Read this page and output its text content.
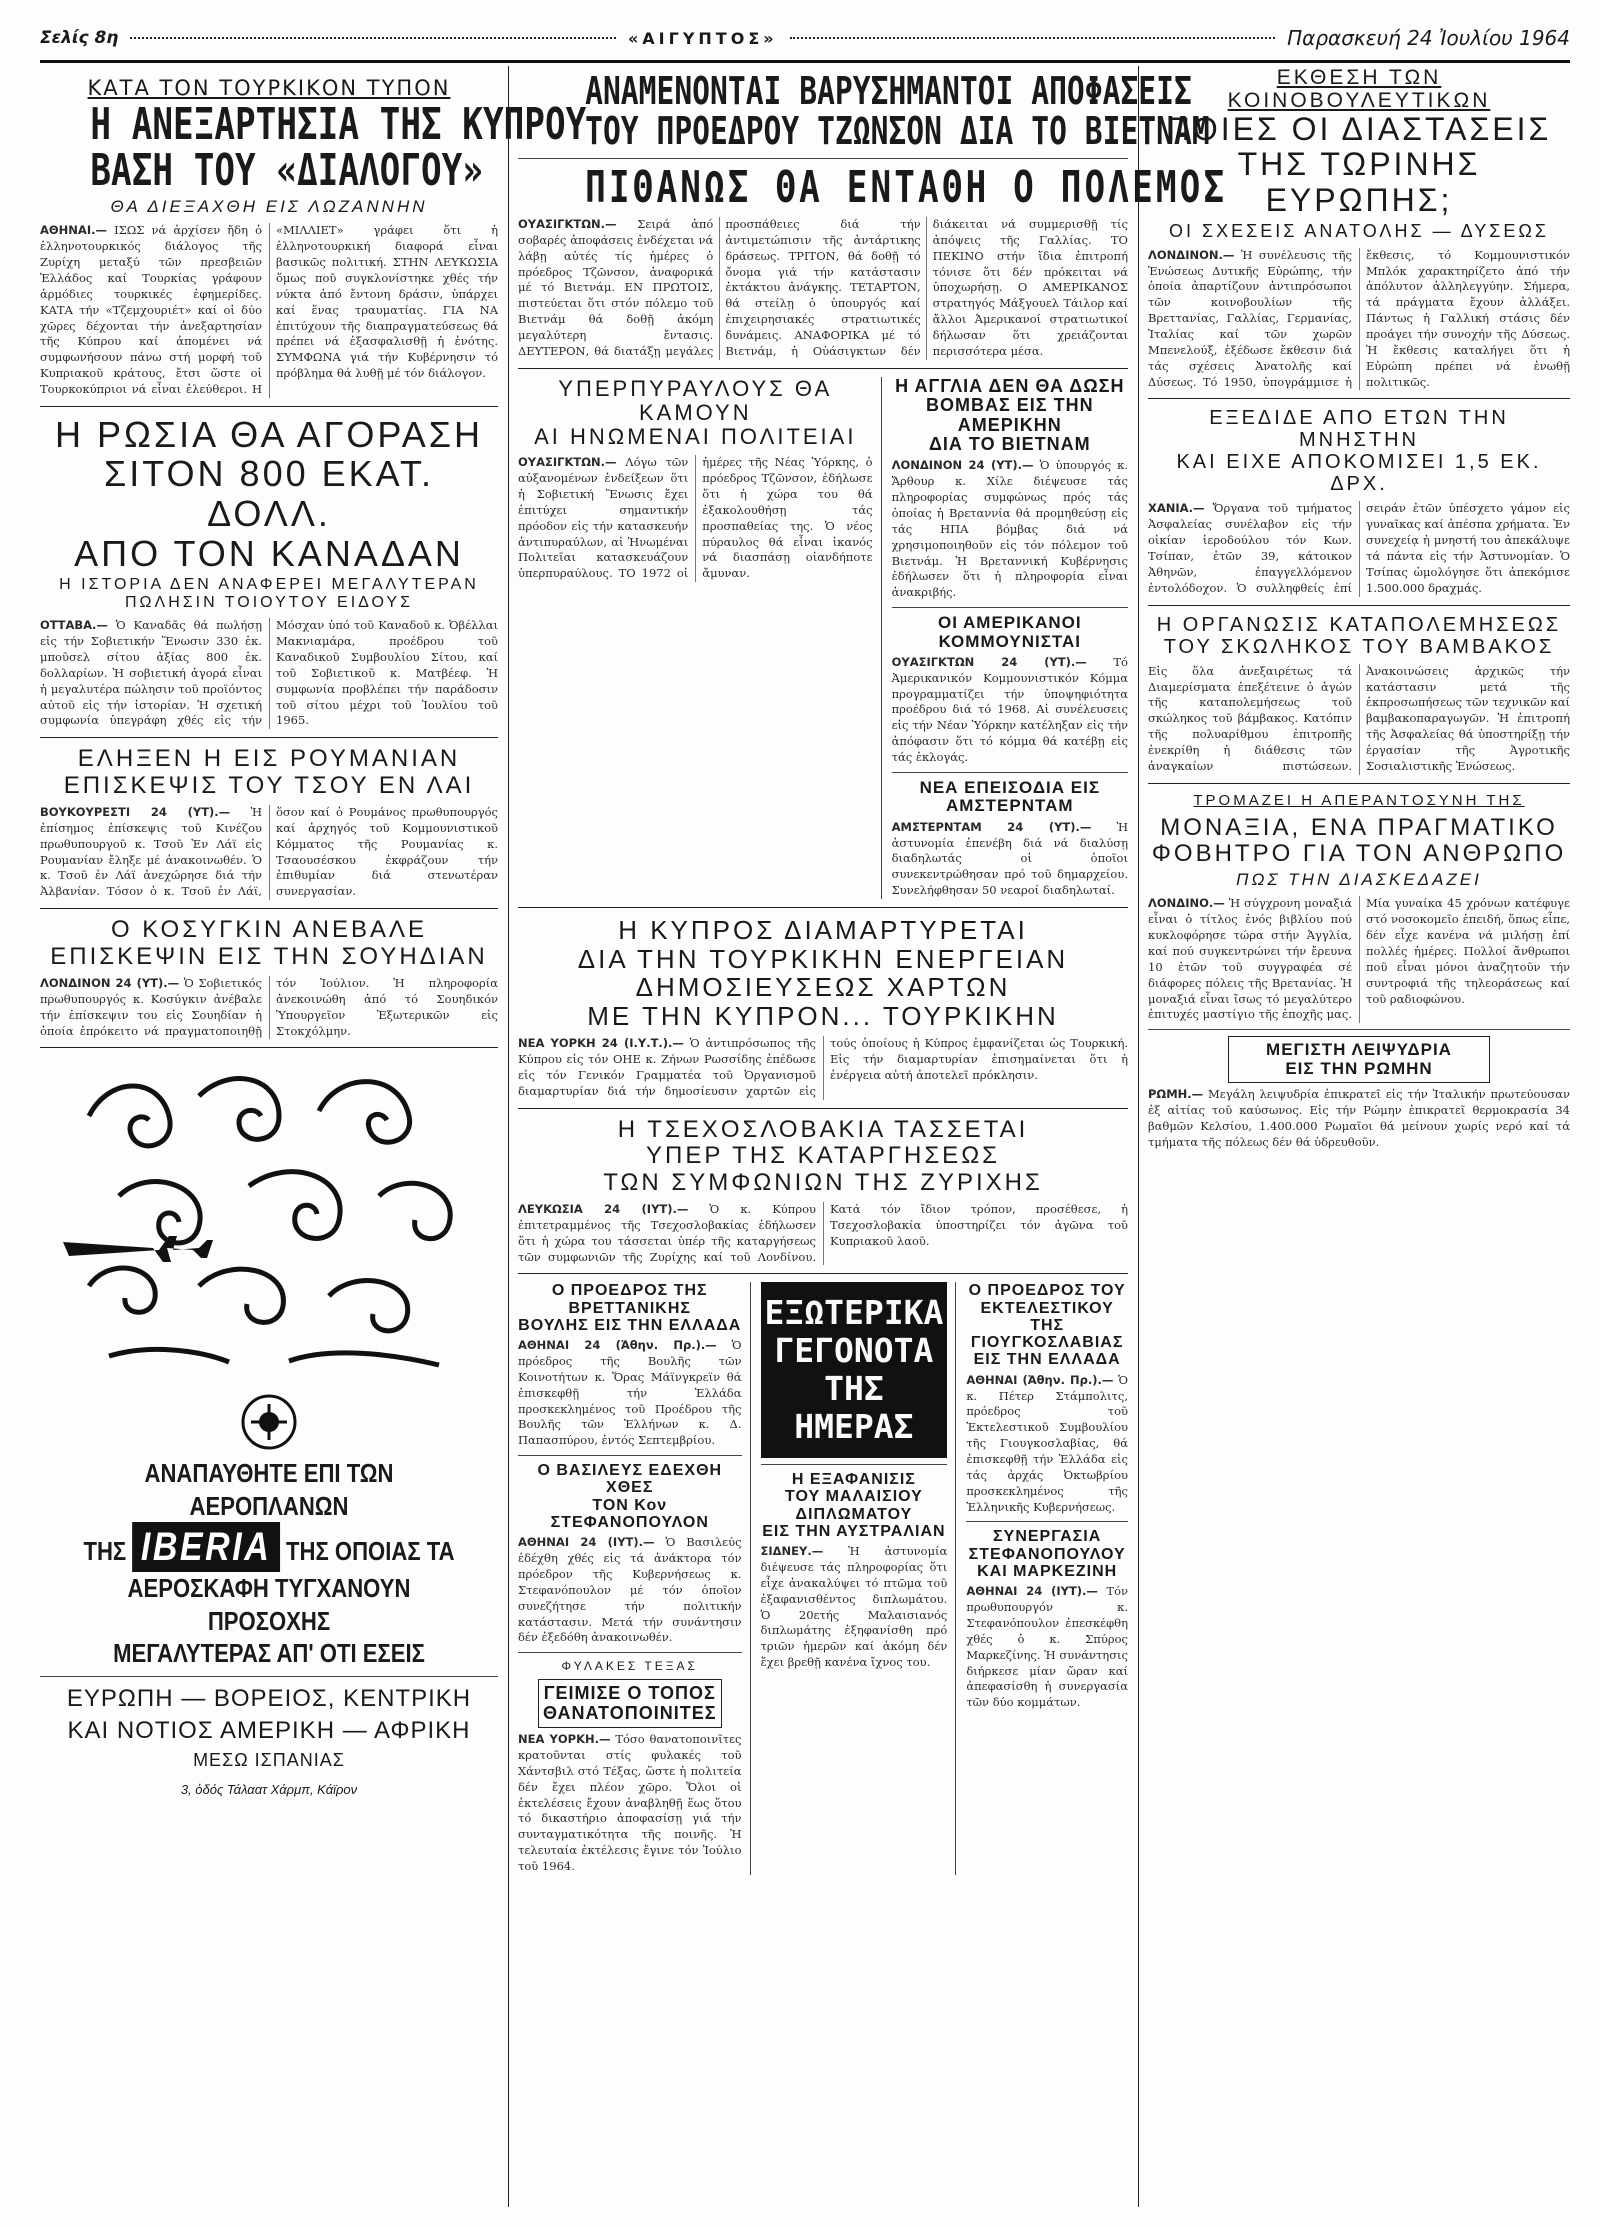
Σελίς 8η	«ΑΙΓΥΠΤΟΣ»	Παρασκευή 24 Ἰουλίου 1964
ΚΑΤΑ ΤΟΝ ΤΟΥΡΚΙΚΟΝ ΤΥΠΟΝ
Η ΑΝΕΞΑΡΤΗΣΙΑ ΤΗΣ ΚΥΠΡΟΥ
ΒΑΣΗ ΤΟΥ «ΔΙΑΛΟΓΟΥ»
ΘΑ ΔΙΕΞΑΧΘΗ ΕΙΣ ΛΩΖΑΝΝΗΝ
ΑΘΗΝΑΙ.— ΙΣΩΣ νά ἀρχίσεν ἤδη ὁ ἑλληνοτουρκικός διάλογος τῆς Ζυρίχη μεταξύ τῶν πρεσβειῶν Ἑλλάδος καί Τουρκίας γράφουν ἁρμόδιες τουρκικές ἐφημερίδες. ΚΑΤΑ τήν «Τζεμχουριέτ» καί οἱ δύο χῶρες δέχονται τήν ἀνεξαρτησίαν τῆς Κύπρου καί ἀπομένει νά συμφωνήσουν πάνω στή μορφή τοῦ Κυπριακοῦ κράτους, ἔτσι ὥστε οἱ Τουρκοκύπριοι νά εἶναι ἐλεύθεροι. Η «ΜΙΛΛΙΕΤ» γράφει ὅτι ἡ ἑλληνοτουρκική διαφορά εἶναι βασικῶς πολιτική. ΣΤΗΝ ΛΕΥΚΩΣΙΑ ὅμως ποῦ συγκλονίστηκε χθές τήν νύκτα ἀπό ἔντονη δράσιν, ὑπάρχει καί ἕνας τραυματίας. ΓΙΑ ΝΑ ἐπιτύχουν τῆς διαπραγματεύσεως θά πρέπει νά ἐξασφαλισθῇ ἡ ἑνότης. ΣΥΜΦΩΝΑ γιά τήν Κυβέρνησιν τό πρόβλημα θά λυθῇ μέ τόν διάλογον.
Η ΡΩΣΙΑ ΘΑ ΑΓΟΡΑΣΗ
ΣΙΤΟΝ 800 ΕΚΑΤ. ΔΟΛΛ.
ΑΠΟ ΤΟΝ ΚΑΝΑΔΑΝ
Η ΙΣΤΟΡΙΑ ΔΕΝ ΑΝΑΦΕΡΕΙ ΜΕΓΑΛΥΤΕΡΑΝ ΠΩΛΗΣΙΝ ΤΟΙΟΥΤΟΥ ΕΙΔΟΥΣ
ΟΤΤΑΒΑ.— Ὁ Καναδᾶς θά πωλήσῃ εἰς τήν Σοβιετικήν Ἕνωσιν 330 ἑκ. μποῦσελ σίτου ἀξίας 800 ἑκ. δολλαρίων. Ἡ σοβιετική ἀγορά εἶναι ἡ μεγαλυτέρα πώλησιν τοῦ προϊόντος αὐτοῦ εἰς τήν ἱστορίαν. Ἡ σχετική συμφωνία ὑπεγράφη χθές εἰς τήν Μόσχαν ὑπό τοῦ Καναδοῦ κ. Ὀβέλλαι Μακνιαμάρα, προέδρου τοῦ Καναδικοῦ Συμβουλίου Σίτου, καί τοῦ Σοβιετικοῦ κ. Ματβέεφ. Ἡ συμφωνία προβλέπει τήν παράδοσιν τοῦ σίτου μέχρι τοῦ Ἰουλίου τοῦ 1965.
ΕΛΗΞΕΝ Η ΕΙΣ ΡΟΥΜΑΝΙΑΝ
ΕΠΙΣΚΕΨΙΣ ΤΟΥ ΤΣΟΥ ΕΝ ΛΑΙ
ΒΟΥΚΟΥΡΕΣΤΙ 24 (ΥΤ).— Ἡ ἐπίσημος ἐπίσκεψις τοῦ Κινέζου πρωθυπουργοῦ κ. Τσοῦ Ἐν Λάϊ εἰς Ρουμανίαν ἔληξε μέ ἀνακοινωθέν. Ὁ κ. Τσοῦ ἐν Λάϊ ἀνεχώρησε διά τήν Ἀλβανίαν. Τόσον ὁ κ. Τσοῦ ἐν Λάϊ, ὅσον καί ὁ Ρουμάνος πρωθυπουργός καί ἀρχηγός τοῦ Κομμουνιστικοῦ Κόμματος τῆς Ρουμανίας κ. Τσαουσέσκου ἐκφράζουν τήν ἐπιθυμίαν διά στενωτέραν συνεργασίαν.
Ο ΚΟΣΥΓΚΙΝ ΑΝΕΒΑΛΕ
ΕΠΙΣΚΕΨΙΝ ΕΙΣ ΤΗΝ ΣΟΥΗΔΙΑΝ
ΛΟΝΔΙΝΟΝ 24 (ΥΤ).— Ὁ Σοβιετικός πρωθυπουργός κ. Κοσύγκιν ἀνέβαλε τήν ἐπίσκεψιν του εἰς Σουηδίαν ἡ ὁποία ἐπρόκειτο νά πραγματοποιηθῇ τόν Ἰούλιον. Ἡ πληροφορία ἀνεκοινώθη ἀπό τό Σουηδικόν Ὑπουργεῖον Ἐξωτερικῶν εἰς Στοκχόλμην.
ΑΝΑΠΑΥΘΗΤΕ ΕΠΙ ΤΩΝ ΑΕΡΟΠΛΑΝΩΝ
ΤΗΣ IBERIA ΤΗΣ ΟΠΟΙΑΣ ΤΑ
ΑΕΡΟΣΚΑΦΗ ΤΥΓΧΑΝΟΥΝ ΠΡΟΣΟΧΗΣ
ΜΕΓΑΛΥΤΕΡΑΣ ΑΠ' ΟΤΙ ΕΣΕΙΣ
ΕΥΡΩΠΗ — ΒΟΡΕΙΟΣ, ΚΕΝΤΡΙΚΗ
ΚΑΙ ΝΟΤΙΟΣ ΑΜΕΡΙΚΗ — ΑΦΡΙΚΗ
ΜΕΣΩ ΙΣΠΑΝΙΑΣ
3, ὁδός Τάλαατ Χάρμπ, Κάϊρον
ΑΝΑΜΕΝΟΝΤΑΙ ΒΑΡΥΣΗΜΑΝΤΟΙ ΑΠΟΦΑΣΕΙΣ
ΤΟΥ ΠΡΟΕΔΡΟΥ ΤΖΩΝΣΟΝ ΔΙΑ ΤΟ ΒΙΕΤΝΑΜ
ΠΙΘΑΝΩΣ ΘΑ ΕΝΤΑΘΗ Ο ΠΟΛΕΜΟΣ
ΟΥΑΣΙΓΚΤΩΝ.— Σειρά ἀπό σοβαρές ἀποφάσεις ἐνδέχεται νά λάβῃ αὐτές τίς ἡμέρες ὁ πρόεδρος Τζῶνσον, ἀναφορικά μέ τό Βιετνάμ. ΕΝ ΠΡΩΤΟΙΣ, πιστεύεται ὅτι στόν πόλεμο τοῦ Βιετνάμ θά δοθῇ ἀκόμη μεγαλύτερη ἔντασις. ΔΕΥΤΕΡΟΝ, θά διατάξῃ μεγάλες προσπάθειες διά τήν ἀντιμετώπισιν τῆς ἀντάρτικης δράσεως. ΤΡΙΤΟΝ, θά δοθῇ τό ὄνομα γιά τήν κατάστασιν ἐκτάκτου ἀνάγκης. ΤΕΤΑΡΤΟΝ, θά στείλῃ ὁ ὑπουργός καί ἐπιχειρησιακές στρατιωτικές δυνάμεις. ΑΝΑΦΟΡΙΚΑ μέ τό Βιετνάμ, ἡ Οὐάσιγκτων δέν διάκειται νά συμμερισθῇ τίς ἀπόψεις τῆς Γαλλίας. ΤΟ ΠΕΚΙΝΟ στήν ἴδια ἐπιτροπή τόνισε ὅτι δέν πρόκειται νά ὑποχωρήσῃ. Ο ΑΜΕΡΙΚΑΝΟΣ στρατηγός Μάξγουελ Τάιλορ καί ἄλλοι Ἀμερικανοί στρατιωτικοί δήλωσαν ὅτι χρειάζονται περισσότερα μέσα.
ΥΠΕΡΠΥΡΑΥΛΟΥΣ ΘΑ ΚΑΜΟΥΝ
ΑΙ ΗΝΩΜΕΝΑΙ ΠΟΛΙΤΕΙΑΙ
ΟΥΑΣΙΓΚΤΩΝ.— Λόγω τῶν αὐξανομένων ἐνδείξεων ὅτι ἡ Σοβιετική Ἕνωσις ἔχει ἐπιτύχει σημαντικήν πρόοδον εἰς τήν κατασκευήν ἀντιπυραύλων, αἱ Ἡνωμέναι Πολιτεῖαι κατασκευάζουν ὑπερπυραύλους. ΤΟ 1972 οἱ ἡμέρες τῆς Νέας Ὑόρκης, ὁ πρόεδρος Τζῶνσον, ἐδήλωσε ὅτι ἡ χώρα του θά ἐξακολουθήσῃ τάς προσπαθείας της. Ὁ νέος πύραυλος θά εἶναι ἱκανός νά διασπάσῃ οἱανδήποτε ἄμυναν.
Η ΑΓΓΛΙΑ ΔΕΝ ΘΑ ΔΩΣΗ
ΒΟΜΒΑΣ ΕΙΣ ΤΗΝ ΑΜΕΡΙΚΗΝ
ΔΙΑ ΤΟ ΒΙΕΤΝΑΜ
ΛΟΝΔΙΝΟΝ 24 (ΥΤ).— Ὁ ὑπουργός κ. Ἄρθουρ κ. Χίλε διέψευσε τάς πληροφορίας συμφώνως πρός τάς ὁποίας ἡ Βρεταννία θά προμηθεύσῃ εἰς τάς ΗΠΑ βόμβας διά νά χρησιμοποιηθοῦν εἰς τόν πόλεμον τοῦ Βιετνάμ. Ἡ Βρεταννική Κυβέρνησις ἐδήλωσεν ὅτι ἡ πληροφορία εἶναι ἀνακριβής.
ΟΙ ΑΜΕΡΙΚΑΝΟΙ ΚΟΜΜΟΥΝΙΣΤΑΙ
ΟΥΑΣΙΓΚΤΩΝ 24 (ΥΤ).— Τό Ἀμερικανικόν Κομμουνιστικόν Κόμμα προγραμματίζει τήν ὑποψηφιότητα προέδρου διά τό 1968. Αἱ συνέλευσεις εἰς τήν Νέαν Ὑόρκην κατέληξαν εἰς τήν ἀπόφασιν ὅτι τό κόμμα θά κατέβῃ εἰς τάς ἐκλογάς.
ΝΕΑ ΕΠΕΙΣΟΔΙΑ ΕΙΣ ΑΜΣΤΕΡΝΤΑΜ
ΑΜΣΤΕΡΝΤΑΜ 24 (ΥΤ).— Ἡ ἀστυνομία ἐπενέβη διά νά διαλύσῃ διαδηλωτάς οἱ ὁποῖοι συνεκεντρώθησαν πρό τοῦ δημαρχείου. Συνελήφθησαν 50 νεαροί διαδηλωταί.
Η ΚΥΠΡΟΣ ΔΙΑΜΑΡΤΥΡΕΤΑΙ
ΔΙΑ ΤΗΝ ΤΟΥΡΚΙΚΗΝ ΕΝΕΡΓΕΙΑΝ
ΔΗΜΟΣΙΕΥΣΕΩΣ ΧΑΡΤΩΝ
ΜΕ ΤΗΝ ΚΥΠΡΟΝ... ΤΟΥΡΚΙΚΗΝ
ΝΕΑ ΥΟΡΚΗ 24 (Ι.Υ.Τ.).— Ὁ ἀντιπρόσωπος τῆς Κύπρου εἰς τόν ΟΗΕ κ. Ζήνων Ρωσσίδης ἐπέδωσε εἰς τόν Γενικόν Γραμματέα τοῦ Ὀργανισμοῦ διαμαρτυρίαν διά τήν δημοσίευσιν χαρτῶν εἰς τούς ὁποίους ἡ Κύπρος ἐμφανίζεται ὡς Τουρκική. Εἰς τήν διαμαρτυρίαν ἐπισημαίνεται ὅτι ἡ ἐνέργεια αὐτή ἀποτελεῖ πρόκλησιν.
Η ΤΣΕΧΟΣΛΟΒΑΚΙΑ ΤΑΣΣΕΤΑΙ
ΥΠΕΡ ΤΗΣ ΚΑΤΑΡΓΗΣΕΩΣ
ΤΩΝ ΣΥΜΦΩΝΙΩΝ ΤΗΣ ΖΥΡΙΧΗΣ
ΛΕΥΚΩΣΙΑ 24 (ΙΥΤ).— Ὁ κ. Κύπρου ἐπιτετραμμένος τῆς Τσεχοσλοβακίας ἐδήλωσεν ὅτι ἡ χώρα του τάσσεται ὑπέρ τῆς καταργήσεως τῶν συμφωνιῶν τῆς Ζυρίχης καί τοῦ Λονδίνου. Κατά τόν ἴδιον τρόπον, προσέθεσε, ἡ Τσεχοσλοβακία ὑποστηρίζει τόν ἀγῶνα τοῦ Κυπριακοῦ λαοῦ.
Ο ΠΡΟΕΔΡΟΣ ΤΗΣ ΒΡΕΤΤΑΝΙΚΗΣ
ΒΟΥΛΗΣ ΕΙΣ ΤΗΝ ΕΛΛΑΔΑ
ΑΘΗΝΑΙ 24 (Ἀθην. Πρ.).— Ὁ πρόεδρος τῆς Βουλῆς τῶν Κοινοτήτων κ. Ὅρας Μάϊνγκρεϊν θά ἐπισκεφθῇ τήν Ἑλλάδα προσκεκλημένος τοῦ Προέδρου τῆς Βουλῆς τῶν Ἑλλήνων κ. Δ. Παπασπύρου, ἐντός Σεπτεμβρίου.
Ο ΒΑΣΙΛΕΥΣ ΕΔΕΧΘΗ ΧΘΕΣ
ΤΟΝ Κον ΣΤΕΦΑΝΟΠΟΥΛΟΝ
ΑΘΗΝΑΙ 24 (ΙΥΤ).— Ὁ Βασιλεύς ἐδέχθη χθές εἰς τά ἀνάκτορα τόν πρόεδρον τῆς Κυβερνήσεως κ. Στεφανόπουλον μέ τόν ὁποῖον συνεζήτησε τήν πολιτικήν κατάστασιν. Μετά τήν συνάντησιν δέν ἐξεδόθη ἀνακοινωθέν.
ΦΥΛΑΚΕΣ ΤΕΞΑΣ
ΓΕΙΜΙΣΕ Ο ΤΟΠΟΣ
ΘΑΝΑΤΟΠΟΙΝΙΤΕΣ
ΝΕΑ ΥΟΡΚΗ.— Τόσο θανατοποινῖτες κρατοῦνται στίς φυλακές τοῦ Χάντσβιλ στό Τέξας, ὥστε ἡ πολιτεία δέν ἔχει πλέον χῶρο. Ὅλοι οἱ ἐκτελέσεις ἔχουν ἀναβληθῇ ἕως ὅτου τό δικαστήριο ἀποφασίσῃ γιά τήν συνταγματικότητα τῆς ποινῆς. Ἡ τελευταία ἐκτέλεσις ἔγινε τόν Ἰούλιο τοῦ 1964.
ΕΞΩΤΕΡΙΚΑ ΓΕΓΟΝΟΤΑ ΤΗΣ ΗΜΕΡΑΣ
Η ΕΞΑΦΑΝΙΣΙΣ
ΤΟΥ ΜΑΛΑΙΣΙΟΥ ΔΙΠΛΩΜΑΤΟΥ
ΕΙΣ ΤΗΝ ΑΥΣΤΡΑΛΙΑΝ
ΣΙΔΝΕΥ.— Ἡ ἀστυνομία διέψευσε τάς πληροφορίας ὅτι εἶχε ἀνακαλύψει τό πτῶμα τοῦ ἐξαφανισθέντος διπλωμάτου. Ὁ 20ετής Μαλαισιανός διπλωμάτης ἐξηφανίσθη πρό τριῶν ἡμερῶν καί ἀκόμη δέν ἔχει βρεθῇ κανένα ἴχνος του.
Ο ΠΡΟΕΔΡΟΣ ΤΟΥ ΕΚΤΕΛΕΣΤΙΚΟΥ
ΤΗΣ ΓΙΟΥΓΚΟΣΛΑΒΙΑΣ
ΕΙΣ ΤΗΝ ΕΛΛΑΔΑ
ΑΘΗΝΑΙ (Ἀθην. Πρ.).— Ὁ κ. Πέτερ Στάμπολιτς, πρόεδρος τοῦ Ἐκτελεστικοῦ Συμβουλίου τῆς Γιουγκοσλαβίας, θά ἐπισκεφθῇ τήν Ἑλλάδα εἰς τάς ἀρχάς Ὀκτωβρίου προσκεκλημένος τῆς Ἑλληνικῆς Κυβερνήσεως.
ΣΥΝΕΡΓΑΣΙΑ ΣΤΕΦΑΝΟΠΟΥΛΟΥ
ΚΑΙ ΜΑΡΚΕΖΙΝΗ
ΑΘΗΝΑΙ 24 (ΙΥΤ).— Τόν πρωθυπουργόν κ. Στεφανόπουλον ἐπεσκέφθη χθές ὁ κ. Σπύρος Μαρκεζίνης. Ἡ συνάντησις διήρκεσε μίαν ὥραν καί ἀπεφασίσθη ἡ συνεργασία τῶν δύο κομμάτων.
ΕΚΘΕΣΗ ΤΩΝ ΚΟΙΝΟΒΟΥΛΕΥΤΙΚΩΝ
ΠΟΙΕΣ ΟΙ ΔΙΑΣΤΑΣΕΙΣ
ΤΗΣ ΤΩΡΙΝΗΣ ΕΥΡΩΠΗΣ;
ΟΙ ΣΧΕΣΕΙΣ ΑΝΑΤΟΛΗΣ — ΔΥΣΕΩΣ
ΛΟΝΔΙΝΟΝ.— Ἡ συνέλευσις τῆς Ἑνώσεως Δυτικῆς Εὐρώπης, τήν ὁποία ἀπαρτίζουν ἀντιπρόσωποι τῶν κοινοβουλίων τῆς Βρεττανίας, Γαλλίας, Γερμανίας, Ἰταλίας καί τῶν χωρῶν Μπενελούξ, ἐξέδωσε ἔκθεσιν διά τάς σχέσεις Ἀνατολῆς καί Δύσεως. Τό 1950, ὑπογράμμισε ἡ ἔκθεσις, τό Κομμουνιστικόν Μπλόκ χαρακτηρίζετο ἀπό τήν ἀπόλυτον ἀλληλεγγύην. Σήμερα, τά πράγματα ἔχουν ἀλλάξει. Πάντως ἡ Γαλλική στάσις δέν προάγει τήν συνοχήν τῆς Δύσεως. Ἡ ἔκθεσις καταλήγει ὅτι ἡ Εὐρώπη πρέπει νά ἐνωθῇ πολιτικῶς.
ΕΞΕΔΙΔΕ ΑΠΟ ΕΤΩΝ ΤΗΝ ΜΝΗΣΤΗΝ
ΚΑΙ ΕΙΧΕ ΑΠΟΚΟΜΙΣΕΙ 1,5 ΕΚ. ΔΡΧ.
ΧΑΝΙΑ.— Ὄργανα τοῦ τμήματος Ἀσφαλείας συνέλαβον εἰς τήν οἰκίαν ἱεροδούλου τόν Κων. Τσίπαν, ἐτῶν 39, κάτοικον Ἀθηνῶν, ἐπαγγελλόμενον ἐντολόδοχον. Ὁ συλληφθείς ἐπί σειράν ἐτῶν ὑπέσχετο γάμον εἰς γυναῖκας καί ἀπέσπα χρήματα. Ἐν συνεχείᾳ ἡ μνηστή του ἀπεκάλυψε τά πάντα εἰς τήν Ἀστυνομίαν. Ὁ Τσίπας ὡμολόγησε ὅτι ἀπεκόμισε 1.500.000 δραχμάς.
Η ΟΡΓΑΝΩΣΙΣ ΚΑΤΑΠΟΛΕΜΗΣΕΩΣ
ΤΟΥ ΣΚΩΛΗΚΟΣ ΤΟΥ ΒΑΜΒΑΚΟΣ
Εἰς ὅλα ἀνεξαιρέτως τά Διαμερίσματα ἐπεξέτεινε ὁ ἀγών τῆς καταπολεμήσεως τοῦ σκώληκος τοῦ βάμβακος. Κατόπιν τῆς πολυαρίθμου ἐπιτροπῆς ἐνεκρίθη ἡ διάθεσις τῶν ἀναγκαίων πιστώσεων. Ἀνακοινώσεις ἀρχικῶς τήν κατάστασιν μετά τῆς ἐκπροσωπήσεως τῶν τεχνικῶν καί βαμβακοπαραγωγῶν. Ἡ ἐπιτροπή τῆς Ἀσφαλείας θά ὑποστηρίξῃ τήν ἐργασίαν τῆς Ἀγροτικῆς Σοσιαλιστικῆς Ἑνώσεως.
ΤΡΟΜΑΖΕΙ Η ΑΠΕΡΑΝΤΟΣΥΝΗ ΤΗΣ
ΜΟΝΑΞΙΑ, ΕΝΑ ΠΡΑΓΜΑΤΙΚΟ
ΦΟΒΗΤΡΟ ΓΙΑ ΤΟΝ ΑΝΘΡΩΠΟ
ΠΩΣ ΤΗΝ ΔΙΑΣΚΕΔΑΖΕΙ
ΛΟΝΔΙΝΟ.— Ἡ σύγχρονη μοναξιά εἶναι ὁ τίτλος ἑνός βιβλίου πού κυκλοφόρησε τώρα στήν Ἀγγλία, καί πού συγκεντρώνει τήν ἔρευνα 10 ἐτῶν τοῦ συγγραφέα σέ διάφορες πόλεις τῆς Βρετανίας. Ἡ μοναξιά εἶναι ἴσως τό μεγαλύτερο ἐπιτυχές μαστίγιο τῆς ἐποχῆς μας. Μία γυναίκα 45 χρόνων κατέφυγε στό νοσοκομεῖο ἐπειδή, ὅπως εἶπε, δέν εἶχε κανένα νά μιλήσῃ ἐπί πολλές ἡμέρες. Πολλοί ἄνθρωποι ποῦ εἶναι μόνοι ἀναζητοῦν τήν συντροφιά τῆς τηλεοράσεως καί τοῦ ραδιοφώνου.
ΜΕΓΙΣΤΗ ΛΕΙΨΥΔΡΙΑ
ΕΙΣ ΤΗΝ ΡΩΜΗΝ
ΡΩΜΗ.— Μεγάλη λειψυδρία ἐπικρατεῖ εἰς τήν Ἰταλικήν πρωτεύουσαν ἐξ αἰτίας τοῦ καύσωνος. Εἰς τήν Ρώμην ἐπικρατεῖ θερμοκρασία 34 βαθμῶν Κελσίου, 1.400.000 Ρωμαῖοι θά μείνουν χωρίς νερό καί τά τμήματα τῆς πόλεως δέν θά ὑδρευθοῦν.
